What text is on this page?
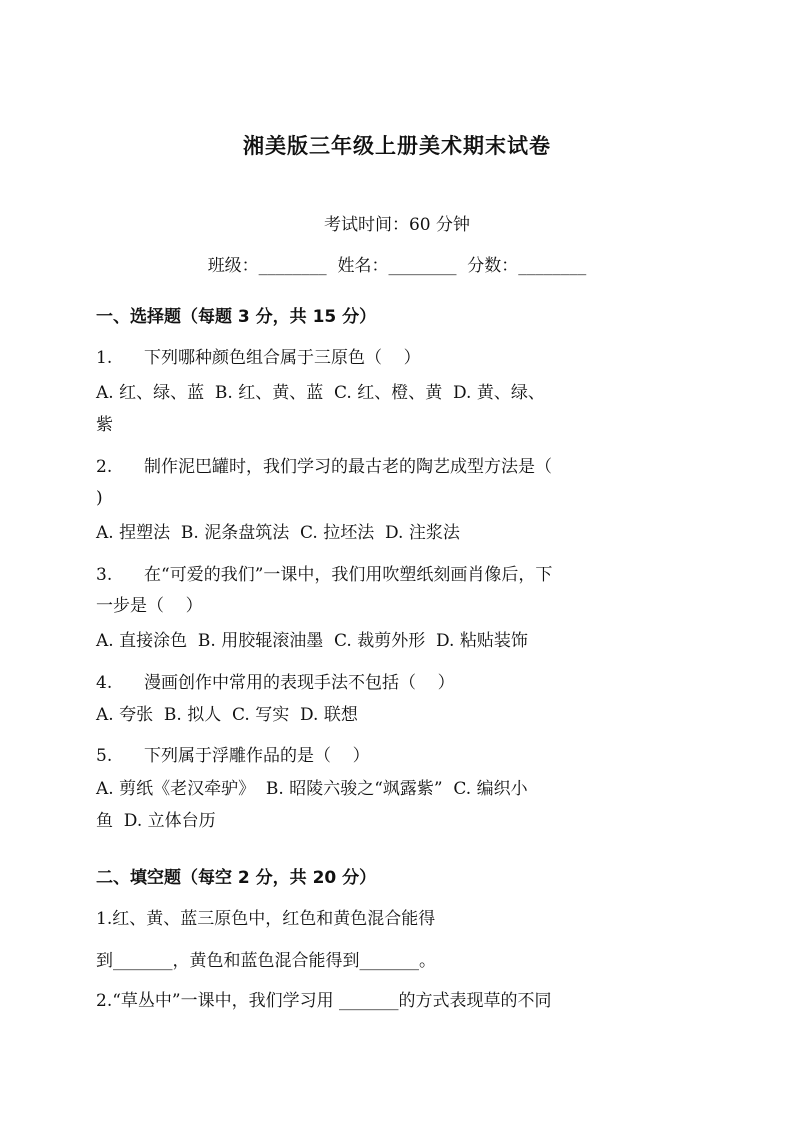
湘美版三年级上册美术期末试卷
考试时间：60 分钟
班级：________  姓名：________  分数：________
一、选择题（每题 3 分，共 15 分）
1. 下列哪种颜色组合属于三原色（    ）
A. 红、绿、蓝  B. 红、黄、蓝  C. 红、橙、黄  D. 黄、绿、
紫
2. 制作泥巴罐时，我们学习的最古老的陶艺成型方法是（
)
A. 捏塑法  B. 泥条盘筑法  C. 拉坯法  D. 注浆法
3. 在“可爱的我们”一课中，我们用吹塑纸刻画肖像后，下
一步是（    ）
A. 直接涂色  B. 用胶辊滚油墨  C. 裁剪外形  D. 粘贴装饰
4. 漫画创作中常用的表现手法不包括（    ）
A. 夸张  B. 拟人  C. 写实  D. 联想
5. 下列属于浮雕作品的是（    ）
A. 剪纸《老汉牵驴》  B. 昭陵六骏之“飒露紫”  C. 编织小
鱼  D. 立体台历
二、填空题（每空 2 分，共 20 分）
1.红、黄、蓝三原色中，红色和黄色混合能得
到_______，黄色和蓝色混合能得到_______。
2.“草丛中”一课中，我们学习用 _______的方式表现草的不同
